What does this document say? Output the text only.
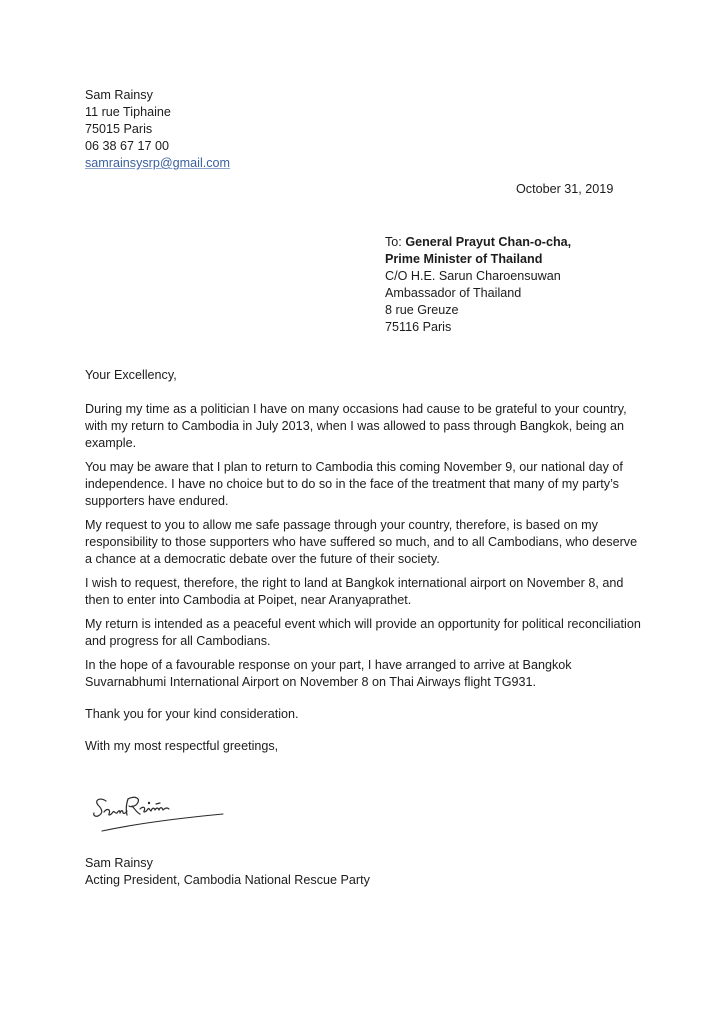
Sam Rainsy
11 rue Tiphaine
75015 Paris
06 38 67 17 00
samrainsysrp@gmail.com
October 31, 2019
To: General Prayut Chan-o-cha,
Prime Minister of Thailand
C/O H.E. Sarun Charoensuwan
Ambassador of Thailand
8 rue Greuze
75116 Paris

Your Excellency,

During my time as a politician I have on many occasions had cause to be grateful to your country, with my return to Cambodia in July 2013, when I was allowed to pass through Bangkok, being an example.

You may be aware that I plan to return to Cambodia this coming November 9, our national day of independence. I have no choice but to do so in the face of the treatment that many of my party’s supporters have endured.

My request to you to allow me safe passage through your country, therefore, is based on my responsibility to those supporters who have suffered so much, and to all Cambodians, who deserve a chance at a democratic debate over the future of their society.

I wish to request, therefore, the right to land at Bangkok international airport on November 8, and then to enter into Cambodia at Poipet, near Aranyaprathet.

My return is intended as a peaceful event which will provide an opportunity for political reconciliation and progress for all Cambodians.

In the hope of a favourable response on your part, I have arranged to arrive at Bangkok Suvarnabhumi International Airport on November 8 on Thai Airways flight TG931.

Thank you for your kind consideration.

With my most respectful greetings,

Sam Rainsy
Acting President, Cambodia National Rescue Party
